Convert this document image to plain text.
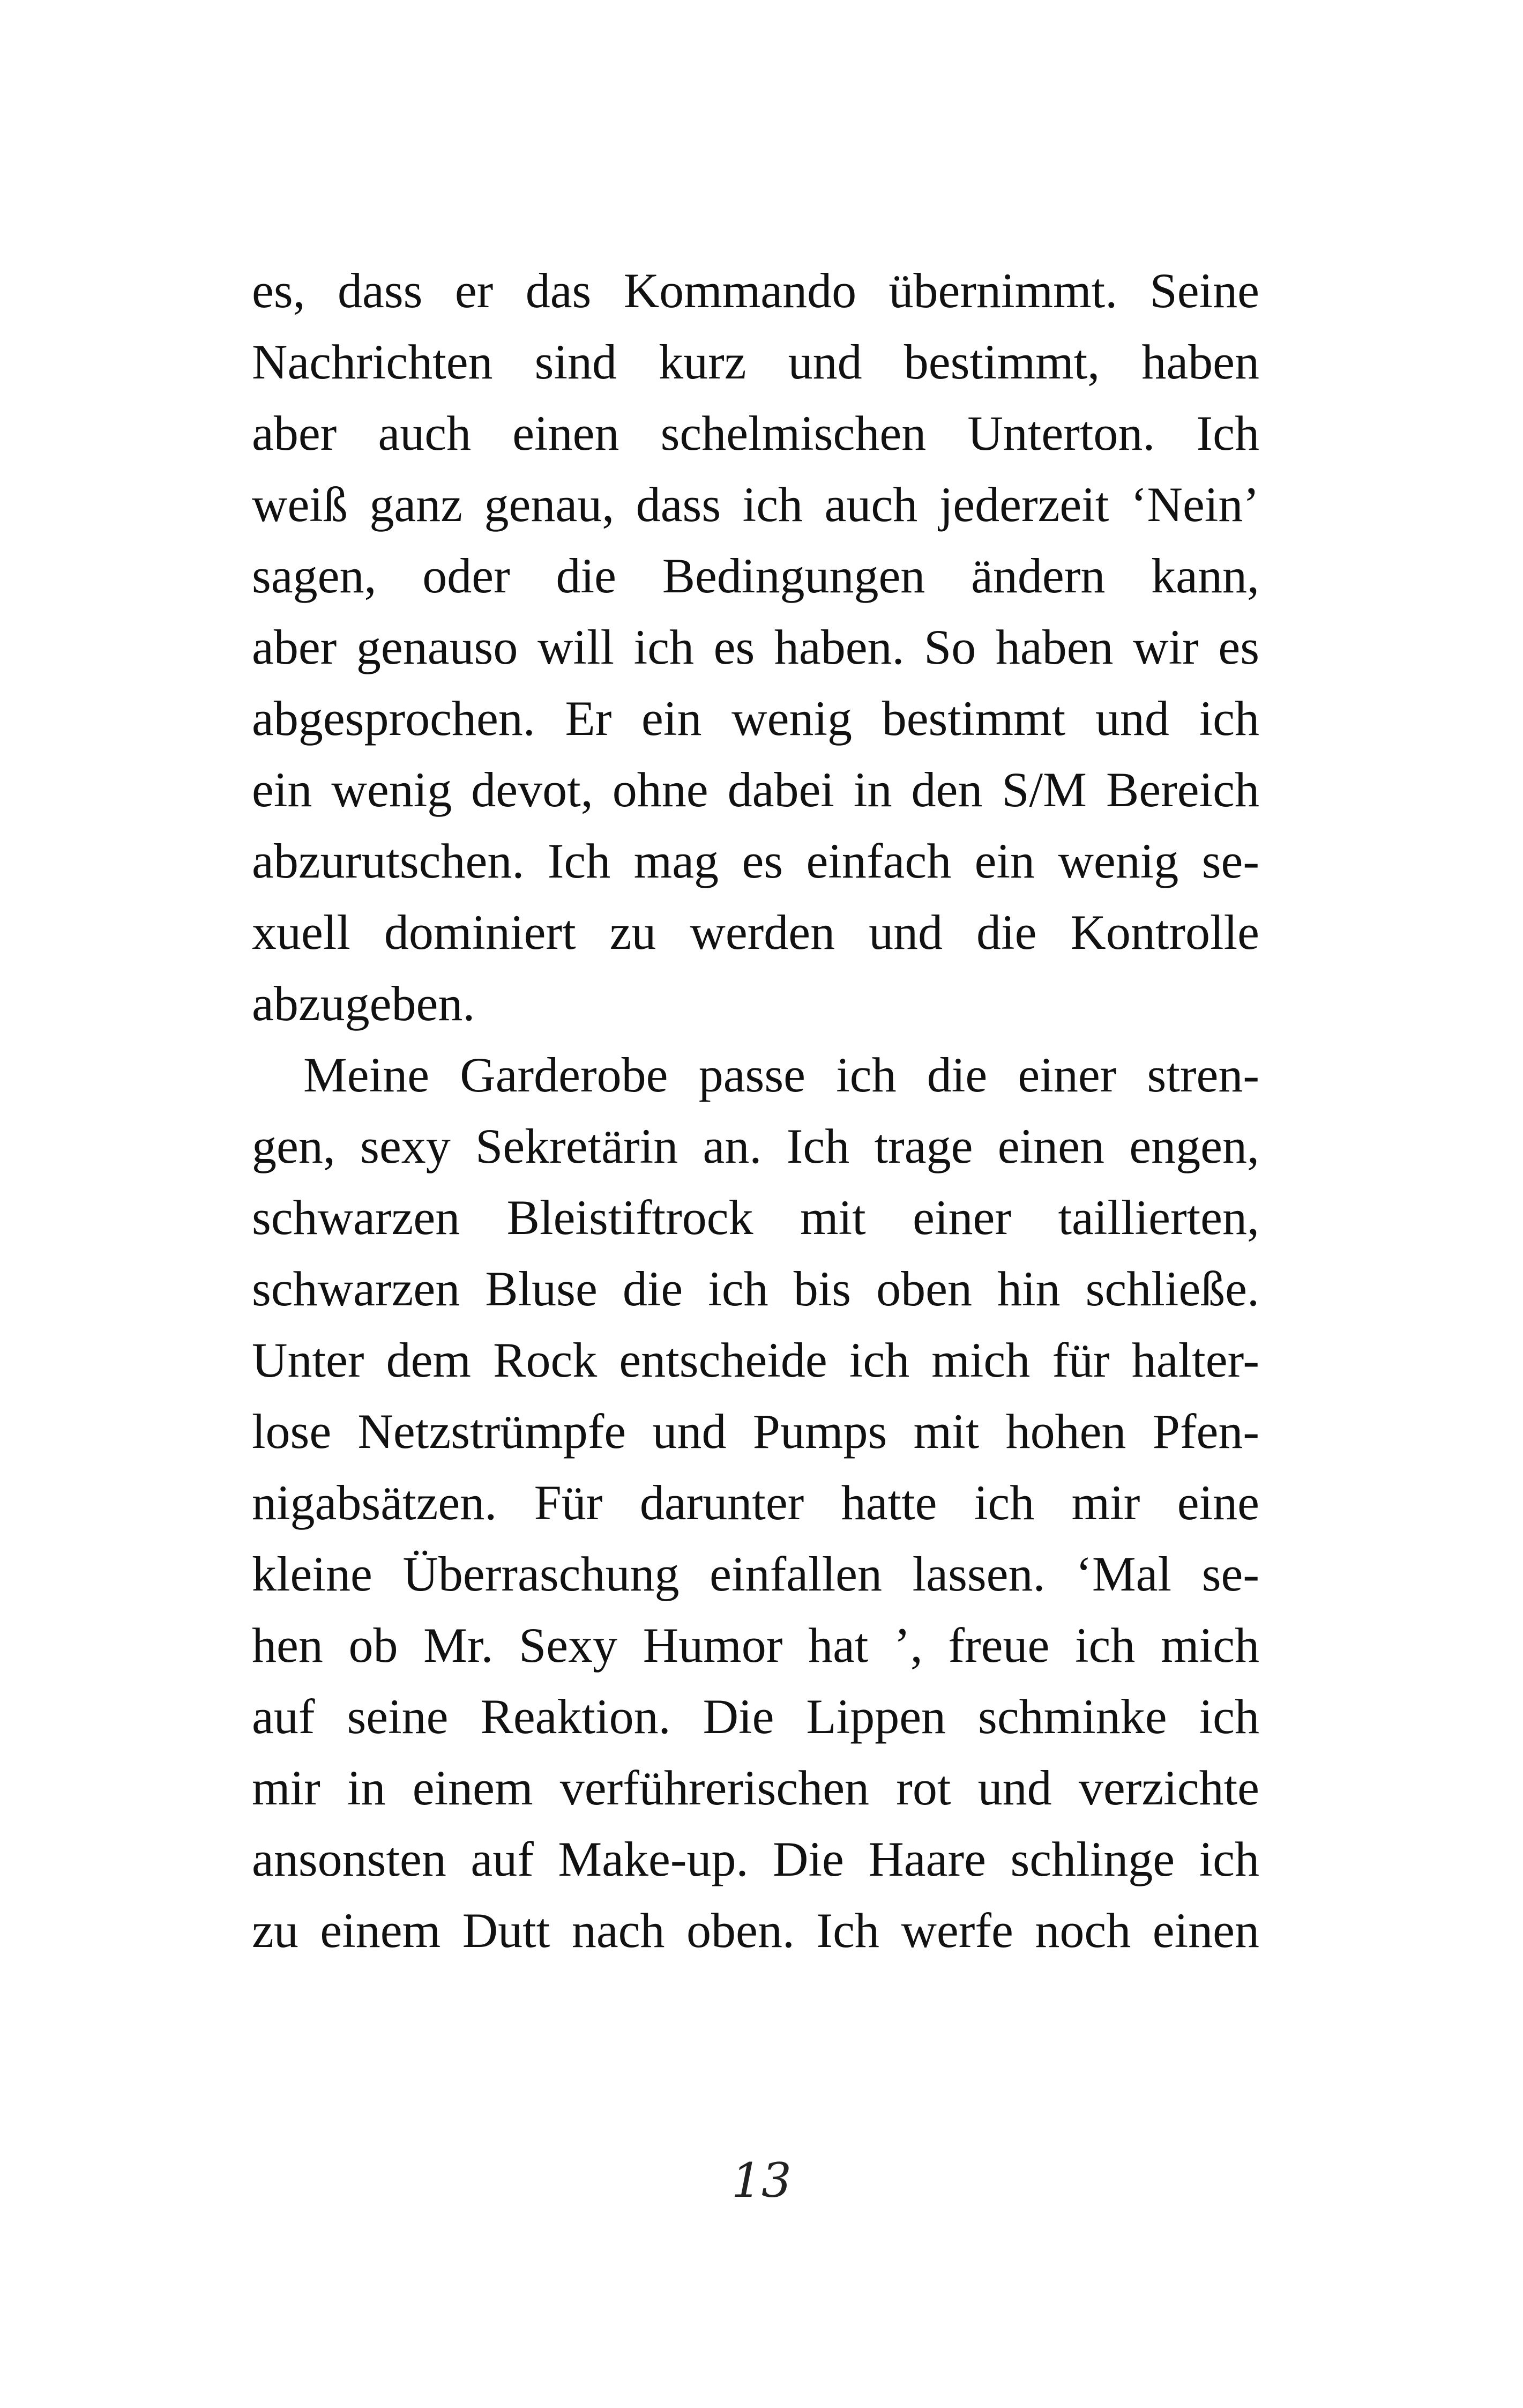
es, dass er das Kommando übernimmt. Seine
Nachrichten sind kurz und bestimmt, haben
aber auch einen schelmischen Unterton. Ich
weiß ganz genau, dass ich auch jederzeit ‘Nein’
sagen, oder die Bedingungen ändern kann,
aber genauso will ich es haben. So haben wir es
abgesprochen. Er ein wenig bestimmt und ich
ein wenig devot, ohne dabei in den S/M Bereich
abzurutschen. Ich mag es einfach ein wenig se-
xuell dominiert zu werden und die Kontrolle
abzugeben.
Meine Garderobe passe ich die einer stren-
gen, sexy Sekretärin an. Ich trage einen engen,
schwarzen Bleistiftrock mit einer taillierten,
schwarzen Bluse die ich bis oben hin schließe.
Unter dem Rock entscheide ich mich für halter-
lose Netzstrümpfe und Pumps mit hohen Pfen-
nigabsätzen. Für darunter hatte ich mir eine
kleine Überraschung einfallen lassen. ‘Mal se-
hen ob Mr. Sexy Humor hat ’, freue ich mich
auf seine Reaktion. Die Lippen schminke ich
mir in einem verführerischen rot und verzichte
ansonsten auf Make-up. Die Haare schlinge ich
zu einem Dutt nach oben. Ich werfe noch einen
13
